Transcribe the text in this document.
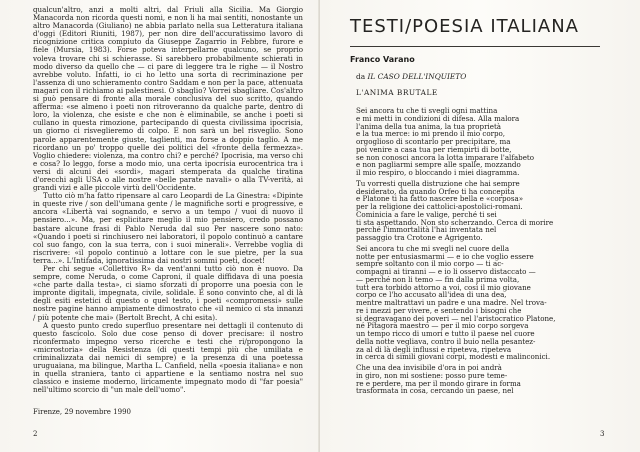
qualcun'altro, anzi a molti altri, dal Friuli alla Sicilia. Ma Giorgio Manacorda non ricorda questi nomi, e non li ha mai sentiti, nonostante un altro Manacorda (Giuliano) ne abbia parlato nella sua Letteratura italiana d'oggi (Editori Riuniti, 1987), per non dire dell'accuratissimo lavoro di ricognizione critica compiuto da Giuseppe Zagarrio in Febbre, furore e fiele (Mursia, 1983). Forse poteva interpellarne qualcuno, se proprio voleva trovare chi si schierasse. Si sarebbero probabilmente schierati in modo diverso da quello che — ci pare di leggere tra le righe — il Nostro avrebbe voluto. Infatti, io ci ho letto una sorta di recriminazione per l'assenza di uno schieramento contro Saddam e non per la pace, attenuata magari con il richiamo ai palestinesi. O sbaglio? Vorrei sbagliare. Cos'altro si può pensare di fronte alla morale conclusiva del suo scritto, quando afferma: «se almeno i poeti non ritroveranno da qualche parte, dentro di loro, la violenza, che esiste e che non è eliminabile, se anche i poeti si cullano in questa rimozione, partecipando di questa civilissima ipocrisia, un giorno ci risveglieremo di colpo. E non sarà un bel risveglio. Sono parole apparentemente giuste, taglienti, ma forse a doppio taglio. A me ricordano un po' troppo quelle dei politici del «fronte della fermezza». Voglio chiedere: violenza, ma contro chi? e perché? Ipocrisia, ma verso chi e cosa? Io leggo, forse a modo mio, una certa ipocrisia eurocentrica tra i versi di alcuni dei «sordi», magari stemperata da qualche tiratina d'orecchi agli USA o alle nostre «belle parate navali» o alla TV-verità, ai grandi vizi e alle piccole virtù dell'Occidente.

Tutto ciò m'ha fatto ripensare al caro Leopardi de La Ginestra: «Dipinte in queste rive / son dell'umana gente / le magnifiche sorti e progressive, e ancora «Libertà vai sognando, e servo a un tempo / vuoi di nuovo il pensiero...». Ma, per esplicitare meglio il mio pensiero, credo possano bastare alcune frasi di Pablo Neruda dal suo Per nascere sono nato: «Quando i poeti si rinchiusero nei laboratori, il popolo continuò a cantare col suo fango, con la sua terra, con i suoi minerali». Verrebbe voglia di riscrivere: «il popolo continuò a lottare con le sue pietre, per la sua terra...». L'Intifada, ignoratissima dai nostri sommi poeti, docet!

Per chi segue «Collettivo R» da vent'anni tutto ciò non è nuovo. Da sempre, come Neruda, o come Caproni, il quale diffidava di una poesia «che parte dalla testa», ci siamo sforzati di proporre una poesia con le impronte digitali, impegnata, civile, solidale. E sono convinto che, al di là degli esiti estetici di questo o quel testo, i poeti «compromessi» sulle nostre pagine hanno ampiamente dimostrato che «il nemico ci sta innanzi / più potente che mai» (Bertolt Brecht, A chi esita).

A questo punto credo superfluo presentare nei dettagli il contenuto di questo fascicolo. Solo due cose penso di dover precisare: il nostro riconfermato impegno verso ricerche e testi che ri/propongono la «microstoria» della Resistenza (di questi tempi più che umiliata e criminalizzata dai nemici di sempre) e la presenza di una poetessa uruguaiana, ma bilingue, Martha L. Canfield, nella «poesia italiana» e non in quella straniera, tanto ci appartiene e la sentiamo nostra nel suo classico e insieme moderno, liricamente impegnato modo di "far poesia" nell'ultimo scorcio di "un male dell'uomo".

Firenze, 29 novembre 1990
2
TESTI/POESIA ITALIANA
Franco Varano
da IL CASO DELL'INQUIETO
L'ANIMA BRUTALE
Sei ancora tu che ti svegli ogni mattina
e mi metti in condizioni di difesa. Alla malora
l'anima della tua anima, la tua proprietà
e la tua merce: io mi prendo il mio corpo,
orgoglioso di scontarlo per precipitare, ma
poi venire a casa tua per riempirti di botte,
se non conosci ancora la lotta imparare l'alfabeto
e non pagliarmi sempre alle spalle, mozzando
il mio respiro, o bloccando i miei diagramma.
Tu vorresti quella distruzione che hai sempre
desiderato, da quando Orfeo ti ha concepita
e Platone ti ha fatto nascere bella e «corposa»
per la religione dei cattolici-apostolici-romani.
Cominicia a fare le valige, perché ti sei
ti sta aspettando. Non sto scherzando. Cerca di morire
perché l'immortalità l'hai inventata nel
passaggio tra Crotone e Agrigento.
Sei ancora tu che mi svegli nel cuore della
notte per entusiasmarmi — e io che voglio essere
sempre soltanto con il mio corpo — ti ac-
compagni ai tiranni — e io li osservo distaccato —
— perché non li temo — fin dalla prima volta,
tutt era torbido attorno a voi, così il mio giovane
corpo ce l'ho accusato all'idea di una dea,
mentre maltrattavi un padre e una madre. Nel trova-
re i mezzi per vivere, e sentendo i bisogni che
si degravagano dei poveri — nel l'aristocratico Platone,
né Pitagora maestro — per il mio corpo sorgeva
un tempo ricco di umori e tutto il paese nel cuore
della notte vegliava, contro il buio nella pesantez-
za al di là degli influssi e ripeteva, ripeteva
in cerca di simili giovani corpi, modesti e malinconici.
Che una dea invisibile d'ora in poi andrà
in giro, non mi sostiene: posso pure teme-
re e perdere, ma per il mondo girare in forma
trasformata in cosa, cercando un paese, nel
3
